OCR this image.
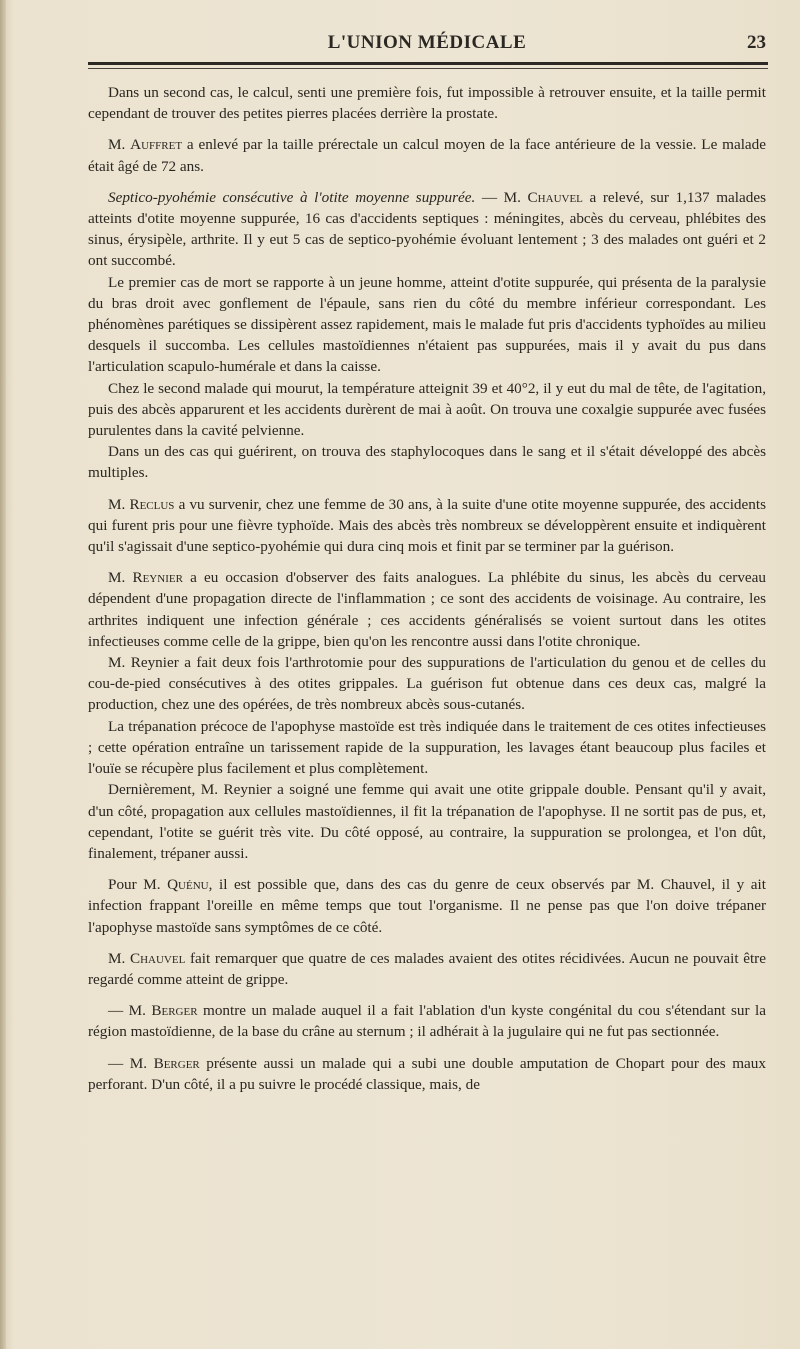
L'UNION MÉDICALE	23

Dans un second cas, le calcul, senti une première fois, fut impossible à retrouver ensuite, et la taille permit cependant de trouver des petites pierres placées derrière la prostate.

M. Auffret a enlevé par la taille prérectale un calcul moyen de la face antérieure de la vessie. Le malade était âgé de 72 ans.

Septico-pyohémie consécutive à l'otite moyenne suppurée. — M. Chauvel a relevé, sur 1,137 malades atteints d'otite moyenne suppurée, 16 cas d'accidents septiques : méningites, abcès du cerveau, phlébites des sinus, érysipèle, arthrite. Il y eut 5 cas de septico-pyohémie évoluant lentement ; 3 des malades ont guéri et 2 ont succombé.

Le premier cas de mort se rapporte à un jeune homme, atteint d'otite suppurée, qui présenta de la paralysie du bras droit avec gonflement de l'épaule, sans rien du côté du membre inférieur correspondant. Les phénomènes parétiques se dissipèrent assez rapidement, mais le malade fut pris d'accidents typhoïdes au milieu desquels il succomba. Les cellules mastoïdiennes n'étaient pas suppurées, mais il y avait du pus dans l'articulation scapulo-humérale et dans la caisse.

Chez le second malade qui mourut, la température atteignit 39 et 40°2, il y eut du mal de tête, de l'agitation, puis des abcès apparurent et les accidents durèrent de mai à août. On trouva une coxalgie suppurée avec fusées purulentes dans la cavité pelvienne.

Dans un des cas qui guérirent, on trouva des staphylocoques dans le sang et il s'était développé des abcès multiples.

M. Reclus a vu survenir, chez une femme de 30 ans, à la suite d'une otite moyenne suppurée, des accidents qui furent pris pour une fièvre typhoïde. Mais des abcès très nombreux se développèrent ensuite et indiquèrent qu'il s'agissait d'une septico-pyohémie qui dura cinq mois et finit par se terminer par la guérison.

M. Reynier a eu occasion d'observer des faits analogues. La phlébite du sinus, les abcès du cerveau dépendent d'une propagation directe de l'inflammation ; ce sont des accidents de voisinage. Au contraire, les arthrites indiquent une infection générale ; ces accidents généralisés se voient surtout dans les otites infectieuses comme celle de la grippe, bien qu'on les rencontre aussi dans l'otite chronique.

M. Reynier a fait deux fois l'arthrotomie pour des suppurations de l'articulation du genou et de celles du cou-de-pied consécutives à des otites grippales. La guérison fut obtenue dans ces deux cas, malgré la production, chez une des opérées, de très nombreux abcès sous-cutanés.

La trépanation précoce de l'apophyse mastoïde est très indiquée dans le traitement de ces otites infectieuses ; cette opération entraîne un tarissement rapide de la suppuration, les lavages étant beaucoup plus faciles et l'ouïe se récupère plus facilement et plus complètement.

Dernièrement, M. Reynier a soigné une femme qui avait une otite grippale double. Pensant qu'il y avait, d'un côté, propagation aux cellules mastoïdiennes, il fit la trépanation de l'apophyse. Il ne sortit pas de pus, et, cependant, l'otite se guérit très vite. Du côté opposé, au contraire, la suppuration se prolongea, et l'on dût, finalement, trépaner aussi.

Pour M. Quénu, il est possible que, dans des cas du genre de ceux observés par M. Chauvel, il y ait infection frappant l'oreille en même temps que tout l'organisme. Il ne pense pas que l'on doive trépaner l'apophyse mastoïde sans symptômes de ce côté.

M. Chauvel fait remarquer que quatre de ces malades avaient des otites récidivées. Aucun ne pouvait être regardé comme atteint de grippe.

— M. Berger montre un malade auquel il a fait l'ablation d'un kyste congénital du cou s'étendant sur la région mastoïdienne, de la base du crâne au sternum ; il adhérait à la jugulaire qui ne fut pas sectionnée.

— M. Berger présente aussi un malade qui a subi une double amputation de Chopart pour des maux perforant. D'un côté, il a pu suivre le procédé classique, mais, de
